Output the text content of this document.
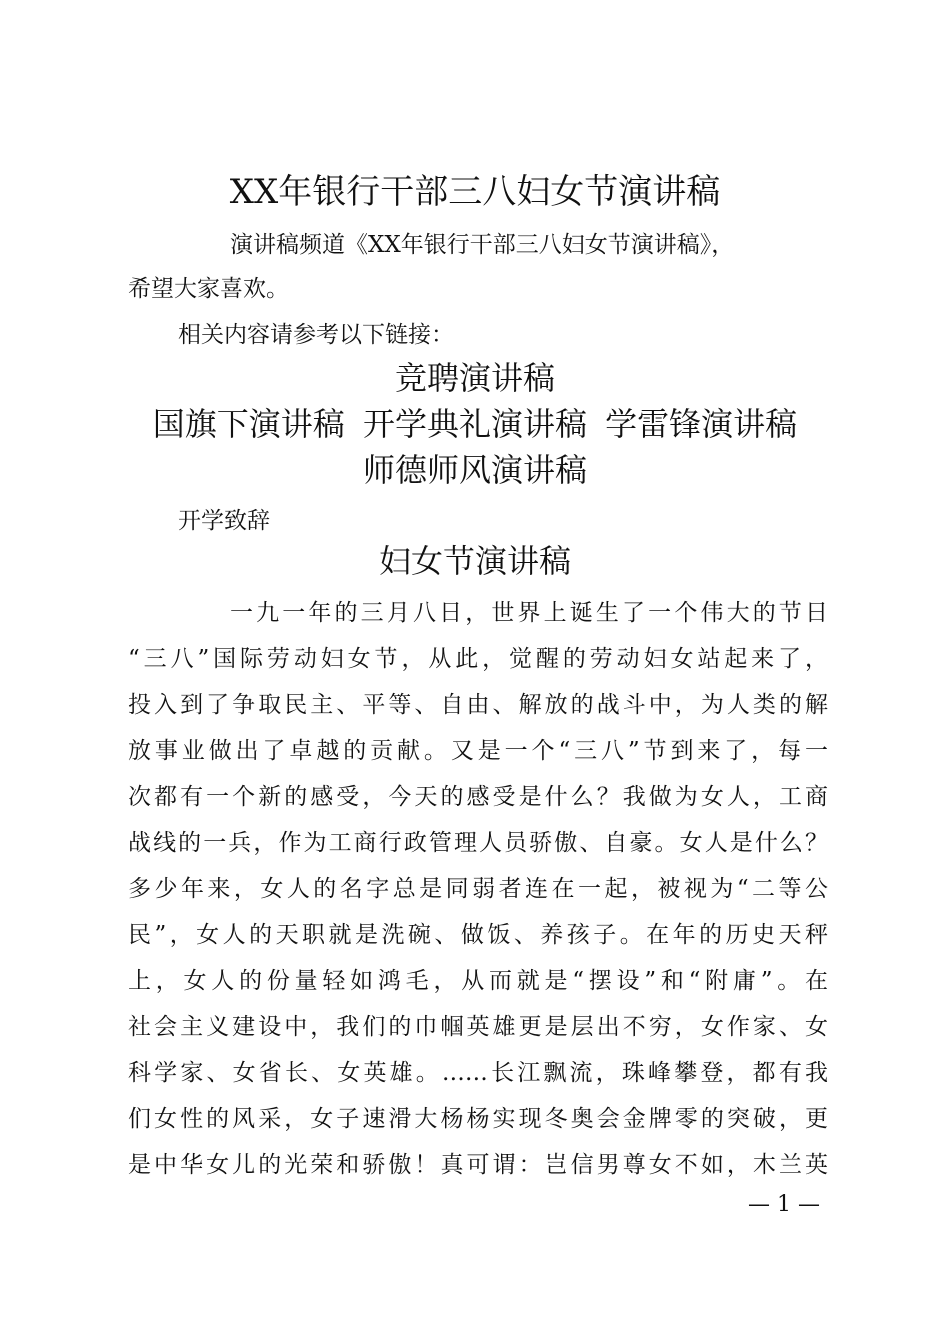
XX年银行干部三八妇女节演讲稿
演讲稿频道《XX年银行干部三八妇女节演讲稿》，
希望大家喜欢。
相关内容请参考以下链接：
竞聘演讲稿
国旗下演讲稿 开学典礼演讲稿 学雷锋演讲稿
师德师风演讲稿
开学致辞
妇女节演讲稿
一九一年的三月八日，世界上诞生了一个伟大的节日
“三八”国际劳动妇女节，从此，觉醒的劳动妇女站起来了，
投入到了争取民主、平等、自由、解放的战斗中，为人类的解
放事业做出了卓越的贡献。又是一个“三八”节到来了，每一
次都有一个新的感受，今天的感受是什么？我做为女人，工商
战线的一兵，作为工商行政管理人员骄傲、自豪。女人是什么？
多少年来，女人的名字总是同弱者连在一起，被视为“二等公
民”，女人的天职就是洗碗、做饭、养孩子。在年的历史天秤
上，女人的份量轻如鸿毛，从而就是“摆设”和“附庸”。在
社会主义建设中，我们的巾帼英雄更是层出不穷，女作家、女
科学家、女省长、女英雄。……长江飘流，珠峰攀登，都有我
们女性的风采，女子速滑大杨杨实现冬奥会金牌零的突破，更
是中华女儿的光荣和骄傲！真可谓：岂信男尊女不如，木兰英
— 1 —
